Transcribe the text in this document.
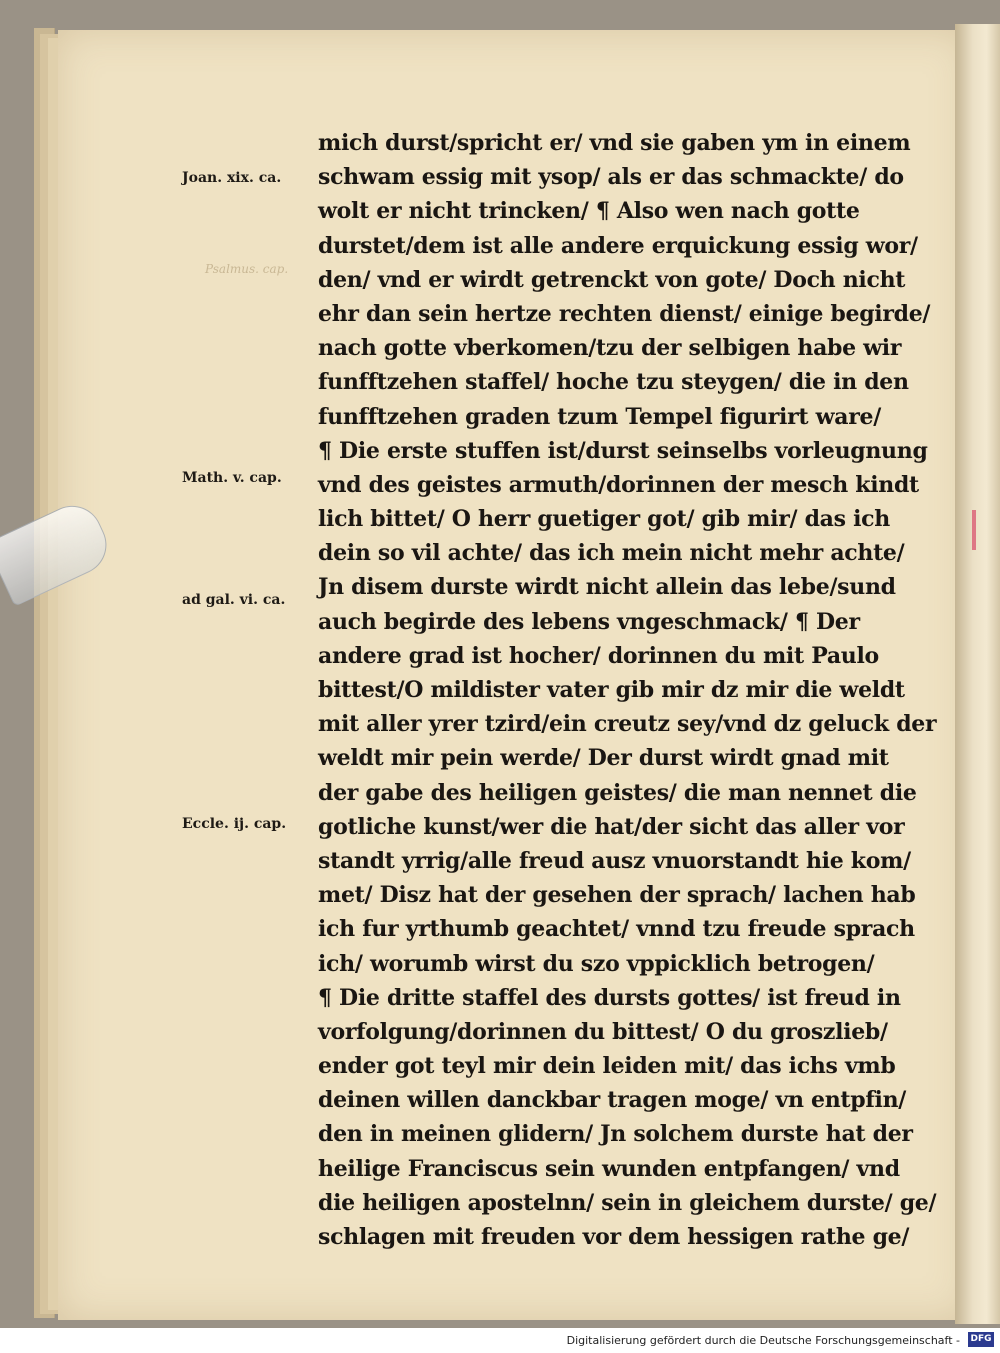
Psalmus. cap.
mich durst/spricht er/ vnd sie gaben ym in einem
schwam essig mit ysop/ als er das schmackte/ do
wolt er nicht trincken/ ¶ Also wen nach gotte
durstet/dem ist alle andere erquickung essig wor/
den/ vnd er wirdt getrenckt von gote/ Doch nicht
ehr dan sein hertze rechten dienst/ einige begirde/
nach gotte vberkomen/tzu der selbigen habe wir
funfftzehen staffel/ hoche tzu steygen/ die in den
funfftzehen graden tzum Tempel figurirt ware/
¶ Die erste stuffen ist/durst seinselbs vorleugnung
vnd des geistes armuth/dorinnen der mesch kindt
lich bittet/ O herr guetiger got/ gib mir/ das ich
dein so vil achte/ das ich mein nicht mehr achte/
Jn disem durste wirdt nicht allein das lebe/sund
auch begirde des lebens vngeschmack/ ¶ Der
andere grad ist hocher/ dorinnen du mit Paulo
bittest/O mildister vater gib mir dz mir die weldt
mit aller yrer tzird/ein creutz sey/vnd dz geluck der
weldt mir pein werde/ Der durst wirdt gnad mit
der gabe des heiligen geistes/ die man nennet die
gotliche kunst/wer die hat/der sicht das aller vor
standt yrrig/alle freud ausz vnuorstandt hie kom/
met/ Disz hat der gesehen der sprach/ lachen hab
ich fur yrthumb geachtet/ vnnd tzu freude sprach
ich/ worumb wirst du szo vppicklich betrogen/
¶ Die dritte staffel des dursts gottes/ ist freud in
vorfolgung/dorinnen du bittest/ O du groszlieb/
ender got teyl mir dein leiden mit/ das ichs vmb
deinen willen danckbar tragen moge/ vn entpfin/
den in meinen glidern/ Jn solchem durste hat der
heilige Franciscus sein wunden entpfangen/ vnd
die heiligen apostelnn/ sein in gleichem durste/ ge/
schlagen mit freuden vor dem hessigen rathe ge/
Joan. xix. ca.
Math. v. cap.
ad gal. vi. ca.
Eccle. ij. cap.
Digitalisierung gefördert durch die Deutsche Forschungsgemeinschaft - DFG
